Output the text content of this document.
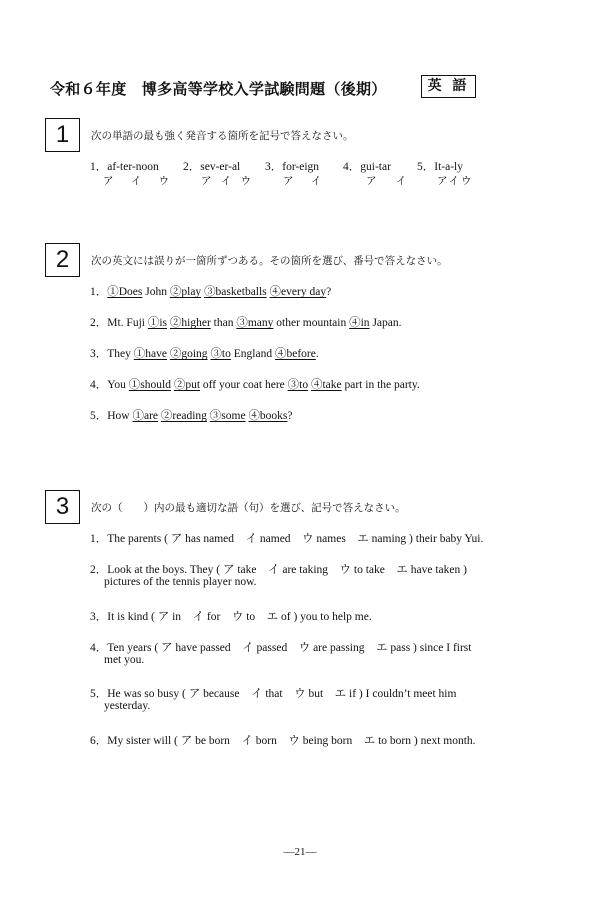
令和６年度　博多高等学校入学試験問題（後期）	英 語
1	次の単語の最も強く発音する箇所を記号で答えなさい。
1．af-ter-noon
ア イ ウ
2．sev-er-al
ア イ ウ
3．for-eign
ア イ
4．gui-tar
ア イ
5．It-a-ly
アイウ
2	次の英文には誤りが一箇所ずつある。その箇所を選び、番号で答えなさい。
1．①Does John ②play ③basketballs ④every day?
2．Mt. Fuji ①is ②higher than ③many other mountain ④in Japan.
3．They ①have ②going ③to England ④before.
4．You ①should ②put off your coat here ③to ④take part in the party.
5．How ①are ②reading ③some ④books?
3	次の（　　）内の最も適切な語（句）を選び、記号で答えなさい。
1．The parents ( ア has named　イ named　ウ names　エ naming ) their baby Yui.
2．Look at the boys. They ( ア take　イ are taking　ウ to take　エ have taken )
pictures of the tennis player now.
3．It is kind ( ア in　イ for　ウ to　エ of ) you to help me.
4．Ten years ( ア have passed　イ passed　ウ are passing　エ pass ) since I first
met you.
5．He was so busy ( ア because　イ that　ウ but　エ if ) I couldn’t meet him
yesterday.
6．My sister will ( ア be born　イ born　ウ being born　エ to born ) next month.
―21―
